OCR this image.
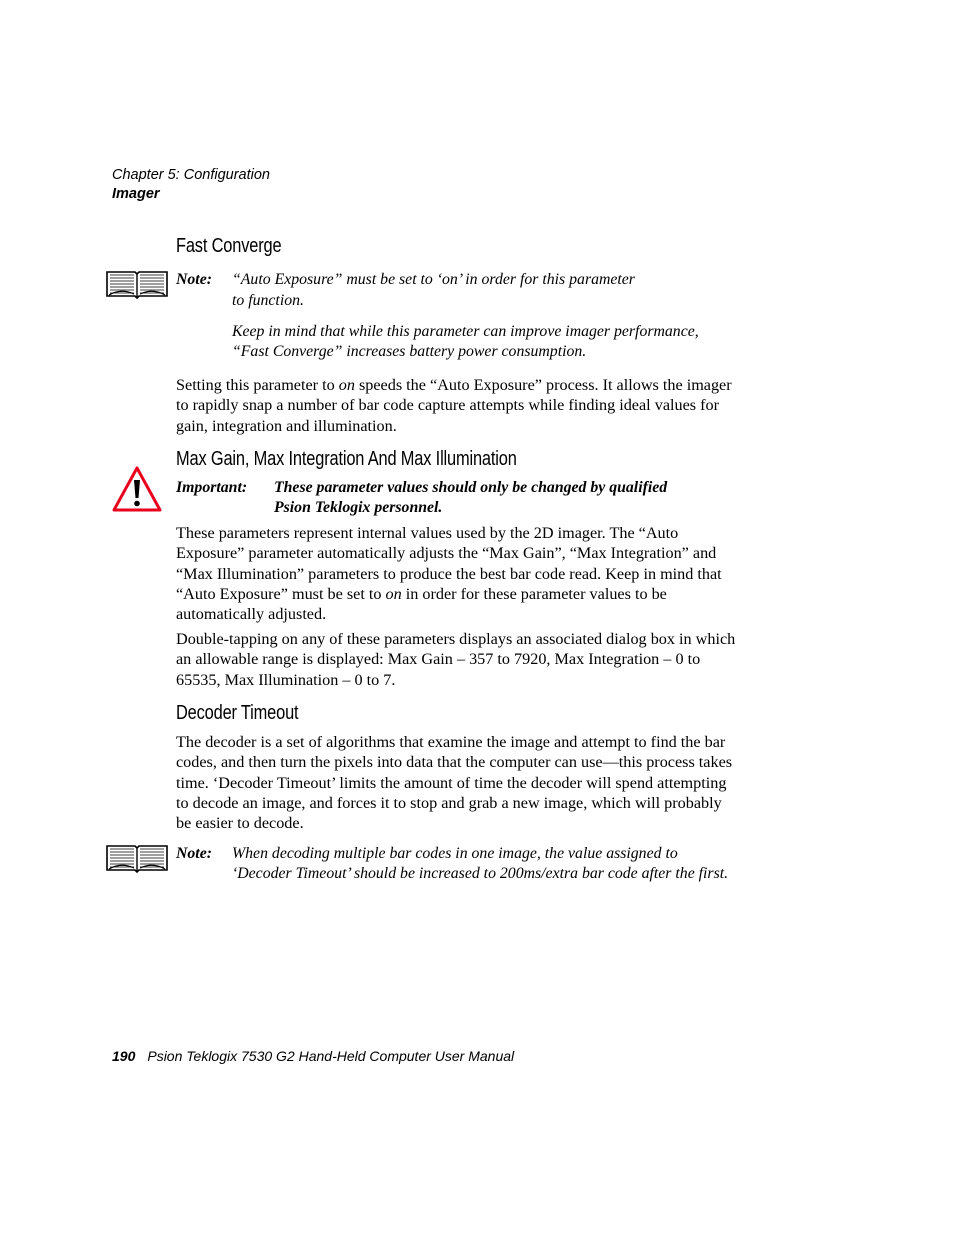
Chapter 5: Configuration
Imager
Fast Converge
Note: “Auto Exposure” must be set to ‘on’ in order for this parameter
to function.
Keep in mind that while this parameter can improve imager performance,
“Fast Converge” increases battery power consumption.
Setting this parameter to on speeds the “Auto Exposure” process. It allows the imager to rapidly snap a number of bar code capture attempts while finding ideal values for gain, integration and illumination.
Max Gain, Max Integration And Max Illumination
Important: These parameter values should only be changed by qualified
Psion Teklogix personnel.
These parameters represent internal values used by the 2D imager. The “Auto Exposure” parameter automatically adjusts the “Max Gain”, “Max Integration” and “Max Illumination” parameters to produce the best bar code read. Keep in mind that “Auto Exposure” must be set to on in order for these parameter values to be automatically adjusted.
Double-tapping on any of these parameters displays an associated dialog box in which an allowable range is displayed: Max Gain – 357 to 7920, Max Integration – 0 to 65535, Max Illumination – 0 to 7.
Decoder Timeout
The decoder is a set of algorithms that examine the image and attempt to find the bar codes, and then turn the pixels into data that the computer can use—this process takes time. ‘Decoder Timeout’ limits the amount of time the decoder will spend attempting to decode an image, and forces it to stop and grab a new image, which will probably be easier to decode.
Note: When decoding multiple bar codes in one image, the value assigned to
‘Decoder Timeout’ should be increased to 200ms/extra bar code after the first.
190 Psion Teklogix 7530 G2 Hand-Held Computer User Manual
